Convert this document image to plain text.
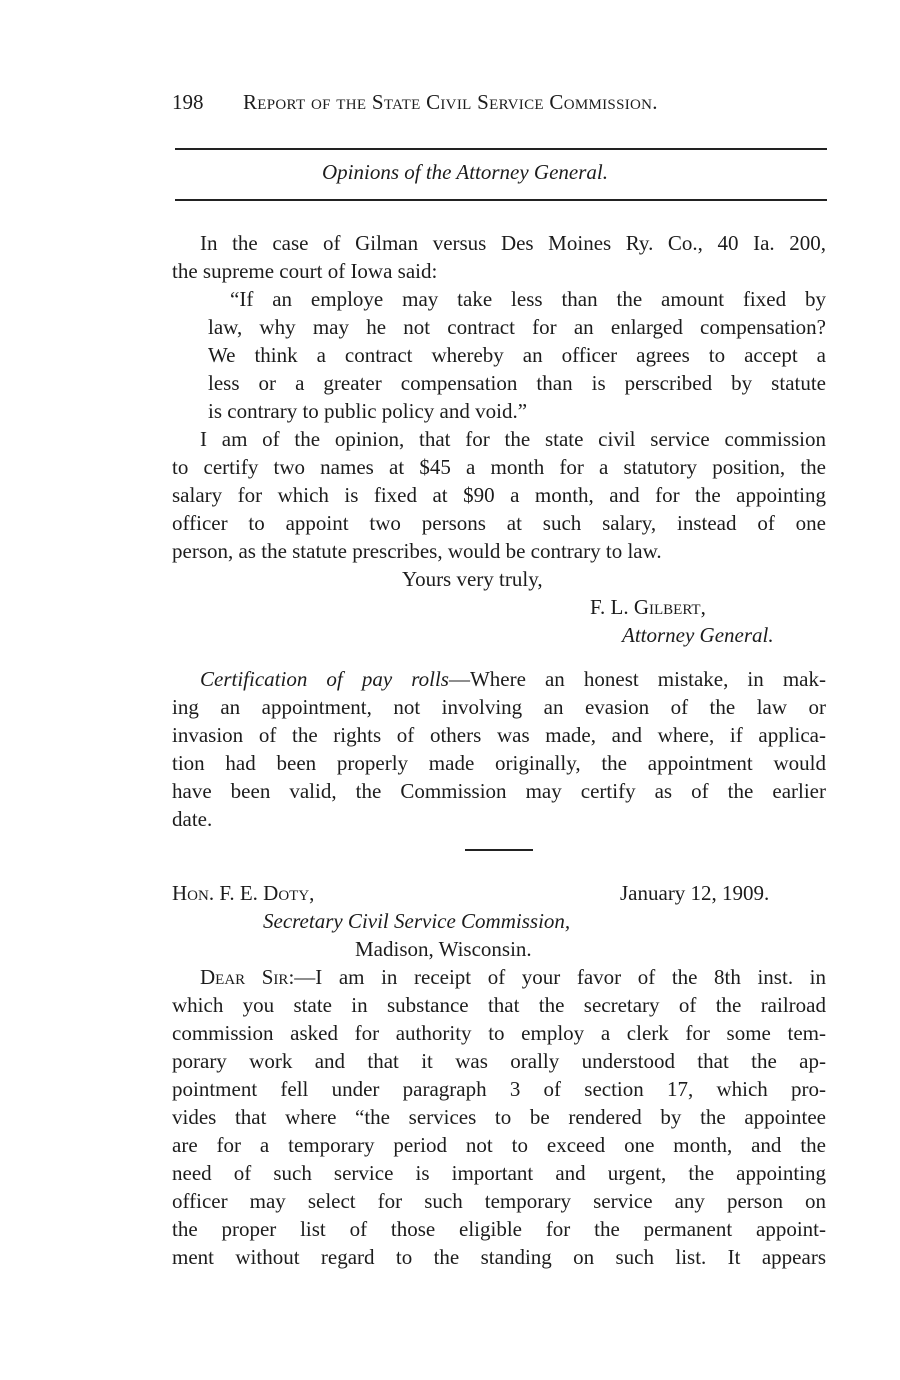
198 Report of the State Civil Service Commission.
Opinions of the Attorney General.
In the case of Gilman versus Des Moines Ry. Co., 40 Ia. 200,
the supreme court of Iowa said:
“If an employe may take less than the amount fixed by
law, why may he not contract for an enlarged compensation?
We think a contract whereby an officer agrees to accept a
less or a greater compensation than is perscribed by statute
is contrary to public policy and void.”
I am of the opinion, that for the state civil service commission
to certify two names at $45 a month for a statutory position, the
salary for which is fixed at $90 a month, and for the appointing
officer to appoint two persons at such salary, instead of one
person, as the statute prescribes, would be contrary to law.
Yours very truly,
F. L. Gilbert,
Attorney General.
Certification of pay rolls—Where an honest mistake, in mak-
ing an appointment, not involving an evasion of the law or
invasion of the rights of others was made, and where, if applica-
tion had been properly made originally, the appointment would
have been valid, the Commission may certify as of the earlier
date.
Hon. F. E. Doty,	January 12, 1909.
Secretary Civil Service Commission,
Madison, Wisconsin.
Dear Sir:—I am in receipt of your favor of the 8th inst. in
which you state in substance that the secretary of the railroad
commission asked for authority to employ a clerk for some tem-
porary work and that it was orally understood that the ap-
pointment fell under paragraph 3 of section 17, which pro-
vides that where “the services to be rendered by the appointee
are for a temporary period not to exceed one month, and the
need of such service is important and urgent, the appointing
officer may select for such temporary service any person on
the proper list of those eligible for the permanent appoint-
ment without regard to the standing on such list. It appears
